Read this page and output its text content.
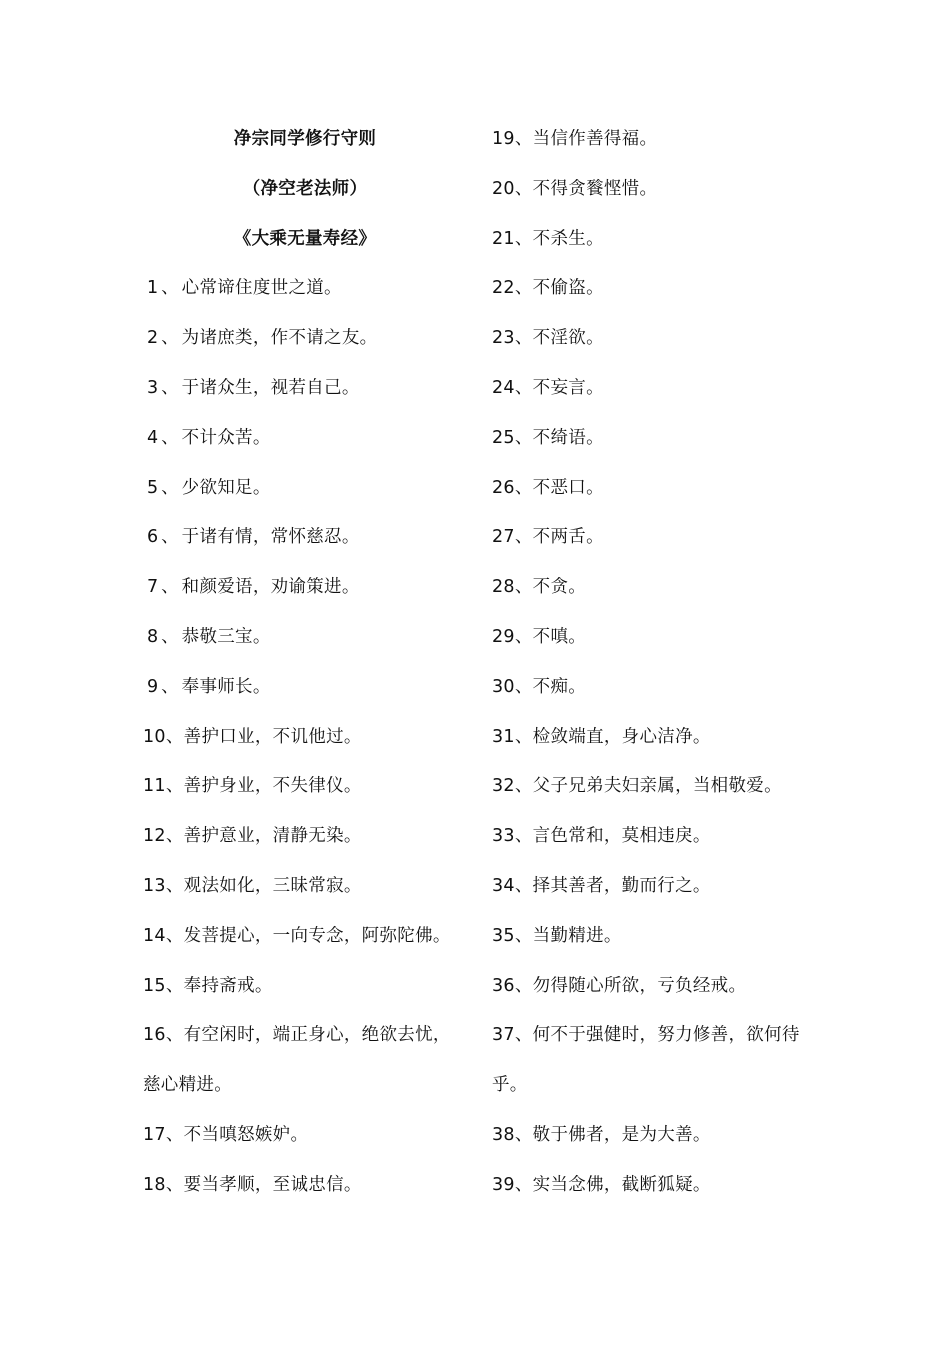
净宗同学修行守则
（净空老法师）
《大乘无量寿经》
1、心常谛住度世之道。
2、为诸庶类，作不请之友。
3、于诸众生，视若自己。
4、不计众苦。
5、少欲知足。
6、于诸有情，常怀慈忍。
7、和颜爱语，劝谕策进。
8、恭敬三宝。
9、奉事师长。
10、善护口业，不讥他过。
11、善护身业，不失律仪。
12、善护意业，清静无染。
13、观法如化，三昧常寂。
14、发菩提心，一向专念，阿弥陀佛。
15、奉持斋戒。
16、有空闲时，端正身心，绝欲去忧，
慈心精进。
17、不当嗔怒嫉妒。
18、要当孝顺，至诚忠信。
19、当信作善得福。
20、不得贪餮悭惜。
21、不杀生。
22、不偷盗。
23、不淫欲。
24、不妄言。
25、不绮语。
26、不恶口。
27、不两舌。
28、不贪。
29、不嗔。
30、不痴。
31、检敛端直，身心洁净。
32、父子兄弟夫妇亲属，当相敬爱。
33、言色常和，莫相违戾。
34、择其善者，勤而行之。
35、当勤精进。
36、勿得随心所欲，亏负经戒。
37、何不于强健时，努力修善，欲何待
乎。
38、敬于佛者，是为大善。
39、实当念佛，截断狐疑。
